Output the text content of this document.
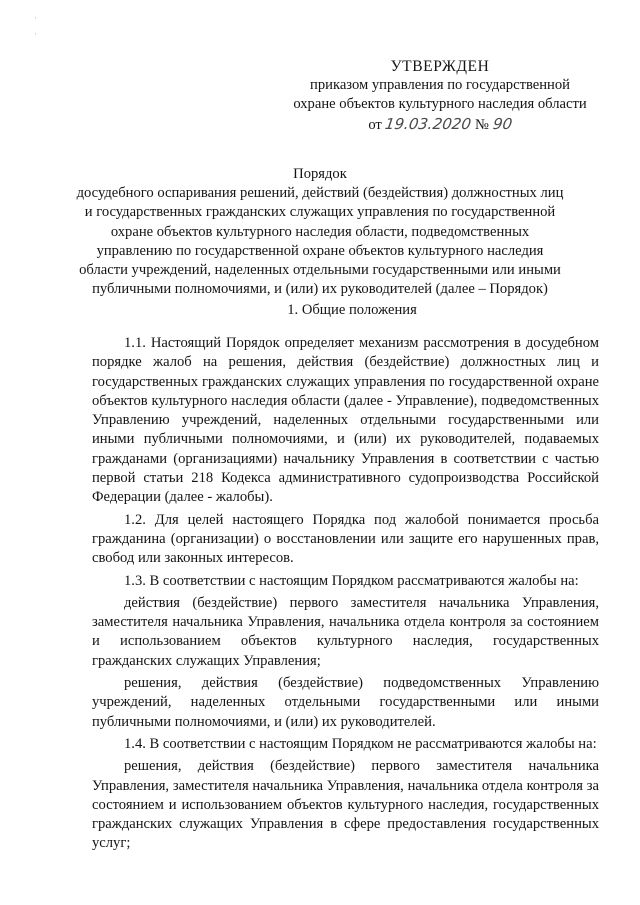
·
·
УТВЕРЖДЕН
приказом управления по государственной
охране объектов культурного наследия области
от 19.03.2020 № 90
Порядок
досудебного оспаривания решений, действий (бездействия) должностных лиц
и государственных гражданских служащих управления по государственной
охране объектов культурного наследия области, подведомственных
управлению по государственной охране объектов культурного наследия
области учреждений, наделенных отдельными государственными или иными
публичными полномочиями, и (или) их руководителей (далее – Порядок)
1. Общие положения

1.1. Настоящий Порядок определяет механизм рассмотрения в досудебном порядке жалоб на решения, действия (бездействие) должностных лиц и государственных гражданских служащих управления по государственной охране объектов культурного наследия области (далее - Управление), подведомственных Управлению учреждений, наделенных отдельными государственными или иными публичными полномочиями, и (или) их руководителей, подаваемых гражданами (организациями) начальнику Управления в соответствии с частью первой статьи 218 Кодекса административного судопроизводства Российской Федерации (далее - жалобы).

1.2. Для целей настоящего Порядка под жалобой понимается просьба гражданина (организации) о восстановлении или защите его нарушенных прав, свобод или законных интересов.

1.3. В соответствии с настоящим Порядком рассматриваются жалобы на:

действия (бездействие) первого заместителя начальника Управления, заместителя начальника Управления, начальника отдела контроля за состоянием и использованием объектов культурного наследия, государственных гражданских служащих Управления;

решения, действия (бездействие) подведомственных Управлению учреждений, наделенных отдельными государственными или иными публичными полномочиями, и (или) их руководителей.

1.4. В соответствии с настоящим Порядком не рассматриваются жалобы на:

решения, действия (бездействие) первого заместителя начальника Управления, заместителя начальника Управления, начальника отдела контроля за состоянием и использованием объектов культурного наследия, государственных гражданских служащих Управления в сфере предоставления государственных услуг;
